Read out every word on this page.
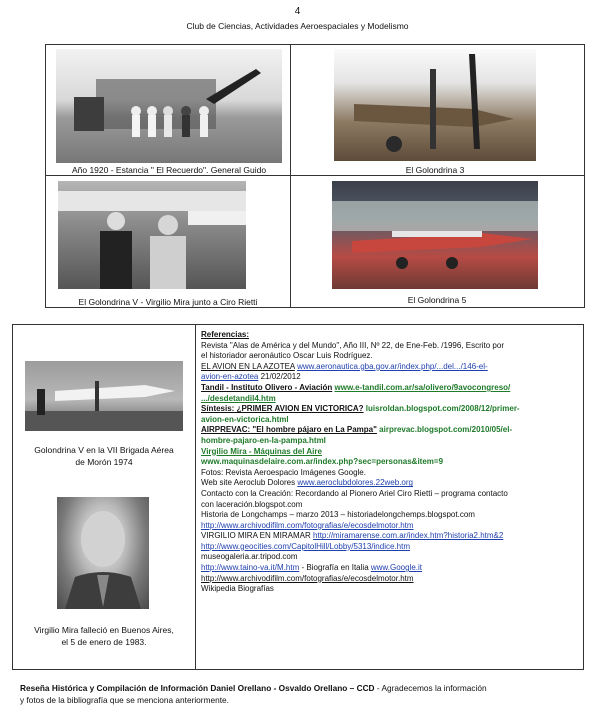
4
Club de Ciencias, Actividades Aeroespaciales y Modelismo
Año 1920 - Estancia " El Recuerdo". General Guido	El Golondrina 3
El Golondrina V - Virgilio Mira junto a Ciro Rietti	El Golondrina 5
Golondrina V en la VII Brigada Aérea
de Morón 1974
Virgilio Mira falleció en Buenos Aires,
el 5 de enero de 1983.
Referencias:
Revista "Alas de América y del Mundo", Año III, Nº 22, de Ene-Feb. /1996, Escrito por
el historiador aeronáutico Oscar Luis Rodríguez.
EL AVION EN LA AZOTEA www.aeronautica.gba.gov.ar/index.php/...del.../146-el-
avion-en-azotea 21/02/2012
Tandil - Instituto Olivero - Aviación www.e-tandil.com.ar/sa/olivero/9avocongreso/
.../desdetandil4.htm
Síntesis: ¿PRIMER AVION EN VICTORICA? luisroldan.blogspot.com/2008/12/primer-
avion-en-victorica.html
AIRPREVAC: "El hombre pájaro en La Pampa" airprevac.blogspot.com/2010/05/el-
hombre-pajaro-en-la-pampa.html
Virgilio Mira - Máquinas del Aire
www.maquinasdelaire.com.ar/index.php?sec=personas&item=9
Fotos: Revista Aeroespacio Imágenes Google.
Web site Aeroclub Dolores www.aeroclubdolores.22web.org
Contacto con la Creación: Recordando al Pionero Ariel Ciro Rietti – programa contacto
con laceración.blogspot.com
Historia de Longchamps – marzo 2013 – historiadelongchemps.blogspot.com
http://www.archivodifilm.com/fotografias/e/ecosdelmotor.htm
VIRGILIO MIRA EN MIRAMAR http://miramarense.com.ar/index.htm?historia2.htm&2
http://www.geocities.com/CapitolHill/Lobby/5313/indice.htm
museogaleria.ar.tripod.com
http://www.taino-va.it/M.htm - Biografía en Italia www.Google.it
http://www.archivodifilm.com/fotografias/e/ecosdelmotor.htm
Wikipedia Biografías
Reseña Histórica y Compilación de Información Daniel Orellano - Osvaldo Orellano – CCD - Agradecemos la información
y fotos de la bibliografía que se menciona anteriormente.
